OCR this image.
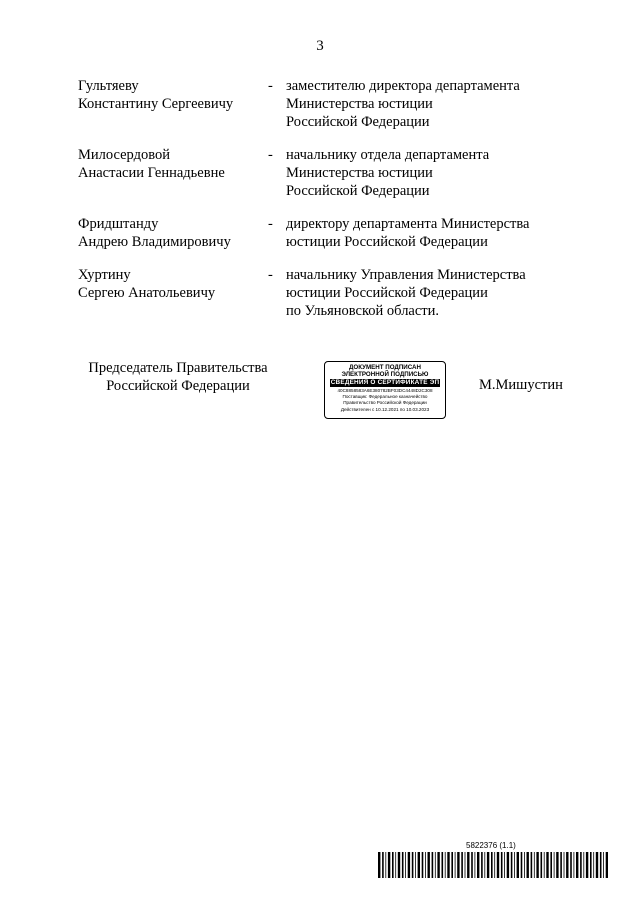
3
Гультяеву
Константину Сергеевичу
- заместителю директора департамента
Министерства юстиции
Российской Федерации
Милосердовой
Анастасии Геннадьевне
- начальнику отдела департамента
Министерства юстиции
Российской Федерации
Фридштанду
Андрею Владимировичу
- директору департамента Министерства
юстиции Российской Федерации
Хуртину
Сергею Анатольевичу
- начальнику Управления Министерства
юстиции Российской Федерации
по Ульяновской области.
Председатель Правительства
Российской Федерации
ДОКУМЕНТ ПОДПИСАН
ЭЛЕКТРОННОЙ ПОДПИСЬЮ
СВЕДЕНИЯ О СЕРТИФИКАТЕ ЭП
40C8858583A6E380782BF03DC4448D2C308
Поставщик: Федеральное казначейство
Правительство Российской Федерации
Действителен с 10.12.2021 по 10.03.2023
М.Мишустин
5822376 (1.1)
